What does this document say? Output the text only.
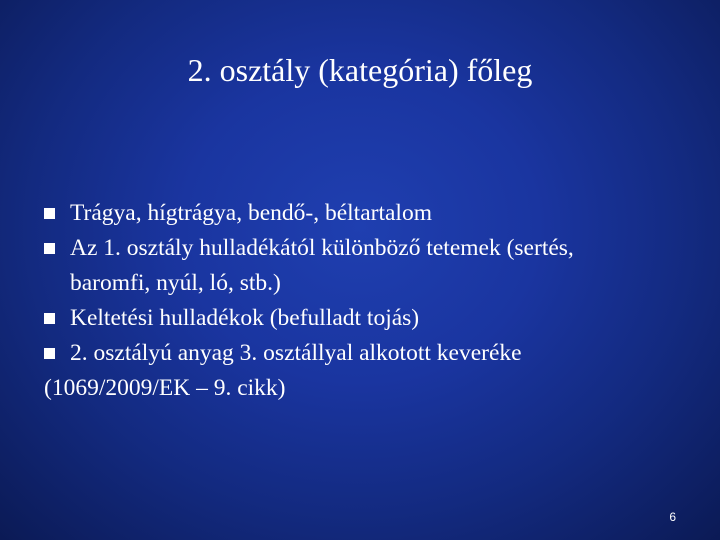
2. osztály (kategória) főleg
Trágya, hígtrágya, bendő-, béltartalom
Az 1. osztály hulladékától különböző tetemek (sertés,
baromfi, nyúl, ló, stb.)
Keltetési hulladékok (befulladt tojás)
2. osztályú anyag 3. osztállyal alkotott keveréke
(1069/2009/EK – 9. cikk)
6
